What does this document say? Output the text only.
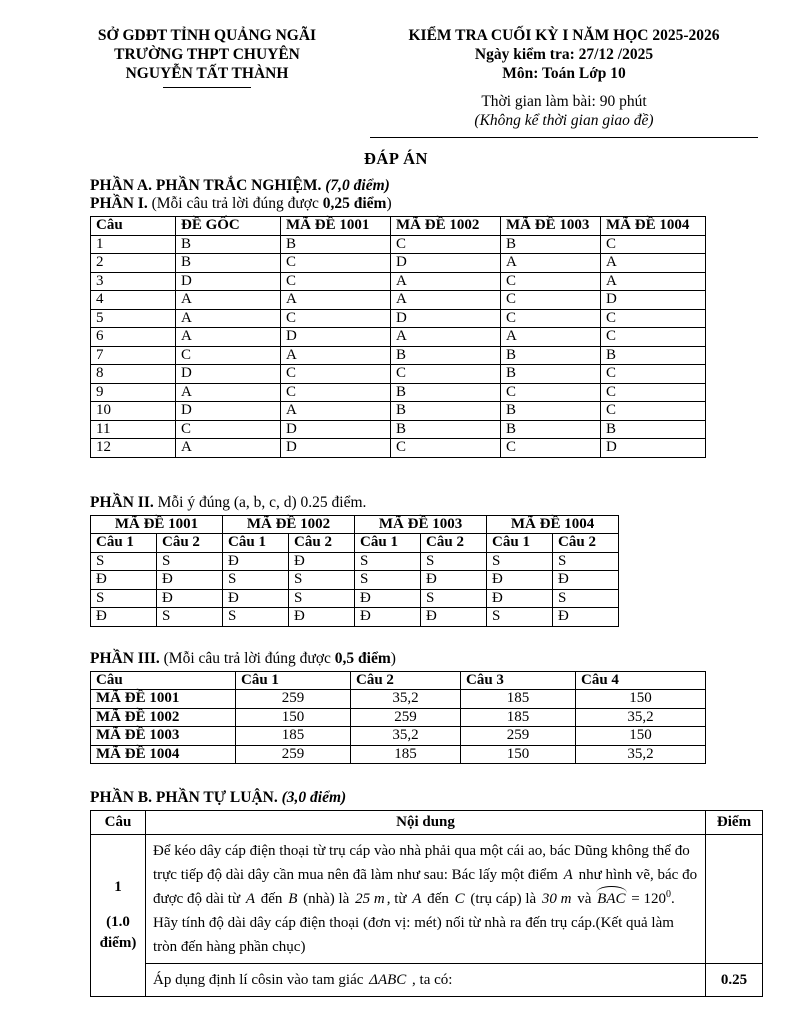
SỞ GDĐT TỈNH QUẢNG NGÃI
TRƯỜNG THPT CHUYÊN
NGUYỄN TẤT THÀNH
KIỂM TRA CUỐI KỲ I NĂM HỌC 2025-2026
Ngày kiểm tra: 27/12 /2025
Môn: Toán Lớp 10
Thời gian làm bài: 90 phút
(Không kể thời gian giao đề)
ĐÁP ÁN
PHẦN A. PHẦN TRẮC NGHIỆM. (7,0 điểm)
PHẦN I. (Mỗi câu trả lời đúng được 0,25 điểm)
Câu	ĐỀ GỐC	MÃ ĐỀ 1001	MÃ ĐỀ 1002	MÃ ĐỀ 1003	MÃ ĐỀ 1004
1	B	B	C	B	C
2	B	C	D	A	A
3	D	C	A	C	A
4	A	A	A	C	D
5	A	C	D	C	C
6	A	D	A	A	C
7	C	A	B	B	B
8	D	C	C	B	C
9	A	C	B	C	C
10	D	A	B	B	C
11	C	D	B	B	B
12	A	D	C	C	D
PHẦN II. Mỗi ý đúng (a, b, c, d) 0.25 điểm.
MÃ ĐỀ 1001		MÃ ĐỀ 1002		MÃ ĐỀ 1003		MÃ ĐỀ 1004	
Câu 1	Câu 2	Câu 1	Câu 2	Câu 1	Câu 2	Câu 1	Câu 2
S	S	Đ	Đ	S	S	S	S
Đ	Đ	S	S	S	Đ	Đ	Đ
S	Đ	Đ	S	Đ	S	Đ	S
Đ	S	S	Đ	Đ	Đ	S	Đ
PHẦN III. (Mỗi câu trả lời đúng được 0,5 điểm)
Câu	Câu 1	Câu 2	Câu 3	Câu 4
MÃ ĐỀ 1001	259	35,2	185	150
MÃ ĐỀ 1002	150	259	185	35,2
MÃ ĐỀ 1003	185	35,2	259	150
MÃ ĐỀ 1004	259	185	150	35,2
PHẦN B. PHẦN TỰ LUẬN. (3,0 điểm)
Câu	Nội dung	Điểm

1
(1.0
điểm)
	Để kéo dây cáp điện thoại từ trụ cáp vào nhà phải qua một cái ao, bác Dũng không thể đo trực tiếp độ dài dây cần mua nên đã làm như sau: Bác lấy một điểm A như hình vẽ, bác đo được độ dài từ A đến B (nhà) là 25 m , từ A đến C (trụ cáp) là 30 m và BAC = $120^0$. Hãy tính độ dài dây cáp điện thoại (đơn vị: mét) nối từ nhà ra đến trụ cáp.(Kết quả làm tròn đến hàng phần chục)	
	Áp dụng định lí côsin vào tam giác ΔABC , ta có:	0.25
